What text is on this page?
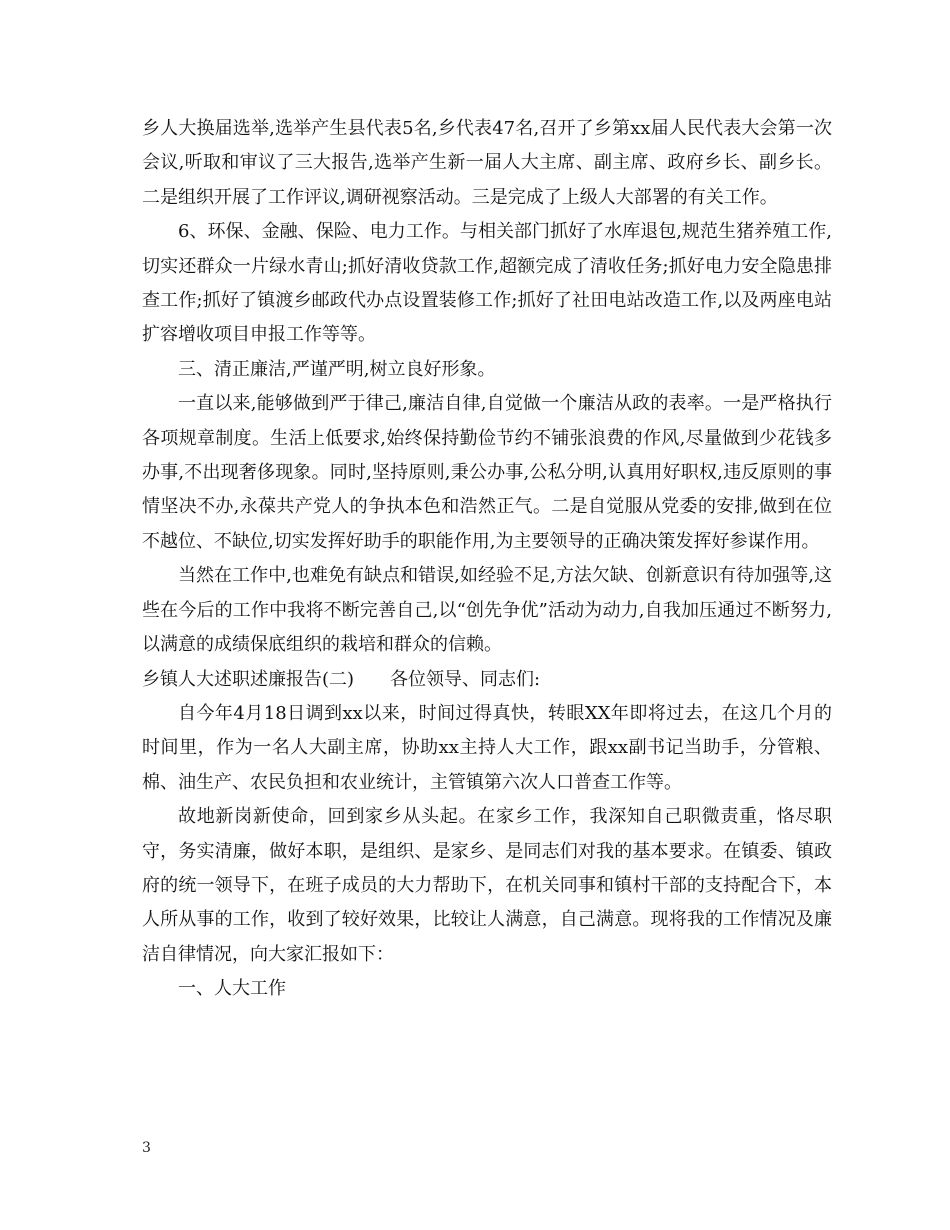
乡人大换届选举,选举产生县代表5名,乡代表47名,召开了乡第xx届人民代表大会第一次会议,听取和审议了三大报告,选举产生新一届人大主席、副主席、政府乡长、副乡长。二是组织开展了工作评议,调研视察活动。三是完成了上级人大部署的有关工作。

6、环保、金融、保险、电力工作。与相关部门抓好了水库退包,规范生猪养殖工作,切实还群众一片绿水青山;抓好清收贷款工作,超额完成了清收任务;抓好电力安全隐患排查工作;抓好了镇渡乡邮政代办点设置装修工作;抓好了社田电站改造工作,以及两座电站扩容增收项目申报工作等等。

三、清正廉洁,严谨严明,树立良好形象。

一直以来,能够做到严于律己,廉洁自律,自觉做一个廉洁从政的表率。一是严格执行各项规章制度。生活上低要求,始终保持勤俭节约不铺张浪费的作风,尽量做到少花钱多办事,不出现奢侈现象。同时,坚持原则,秉公办事,公私分明,认真用好职权,违反原则的事情坚决不办,永葆共产党人的争执本色和浩然正气。二是自觉服从党委的安排,做到在位不越位、不缺位,切实发挥好助手的职能作用,为主要领导的正确决策发挥好参谋作用。

当然在工作中,也难免有缺点和错误,如经验不足,方法欠缺、创新意识有待加强等,这些在今后的工作中我将不断完善自己,以“创先争优”活动为动力,自我加压通过不断努力,以满意的成绩保底组织的栽培和群众的信赖。

乡镇人大述职述廉报告(二)　　各位领导、同志们:

自今年4月18日调到xx以来，时间过得真快，转眼XX年即将过去，在这几个月的时间里，作为一名人大副主席，协助xx主持人大工作，跟xx副书记当助手，分管粮、棉、油生产、农民负担和农业统计，主管镇第六次人口普查工作等。

故地新岗新使命，回到家乡从头起。在家乡工作，我深知自己职微责重，恪尽职守，务实清廉，做好本职，是组织、是家乡、是同志们对我的基本要求。在镇委、镇政府的统一领导下，在班子成员的大力帮助下，在机关同事和镇村干部的支持配合下，本人所从事的工作，收到了较好效果，比较让人满意，自己满意。现将我的工作情况及廉洁自律情况，向大家汇报如下：

一、人大工作

3
